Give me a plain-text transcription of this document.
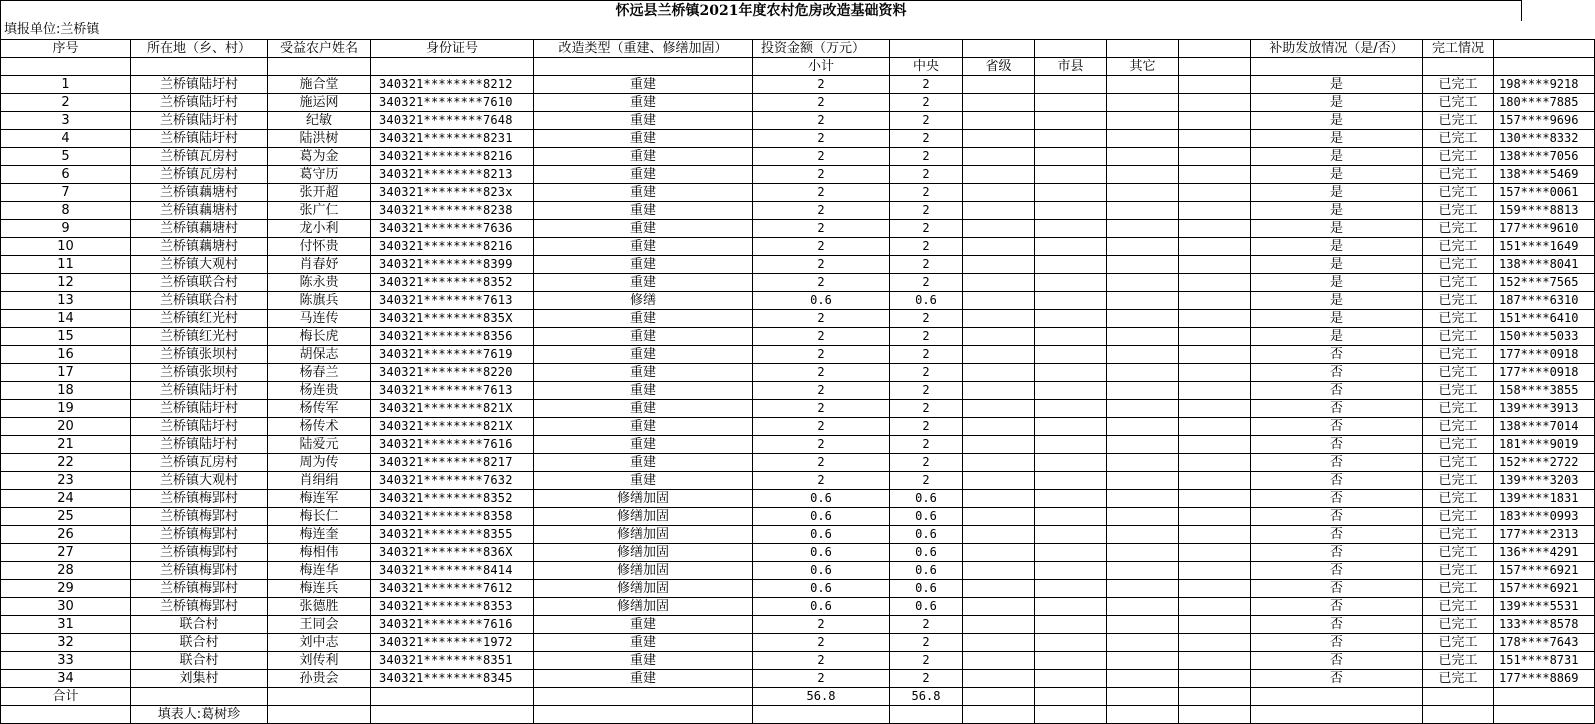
怀远县兰桥镇2021年度农村危房改造基础资料
填报单位:兰桥镇
序号	所在地（乡、村）	受益农户姓名	身份证号	改造类型（重建、修缮加固）	投资金额（万元）						补助发放情况（是/否）	完工情况	
					小计	中央	省级	市县	其它				
1	兰桥镇陆圩村	施合堂	340321********8212	重建	2	2					是	已完工	198****9218
2	兰桥镇陆圩村	施运网	340321********7610	重建	2	2					是	已完工	180****7885
3	兰桥镇陆圩村	纪敏	340321********7648	重建	2	2					是	已完工	157****9696
4	兰桥镇陆圩村	陆洪树	340321********8231	重建	2	2					是	已完工	130****8332
5	兰桥镇瓦房村	葛为金	340321********8216	重建	2	2					是	已完工	138****7056
6	兰桥镇瓦房村	葛守历	340321********8213	重建	2	2					是	已完工	138****5469
7	兰桥镇藕塘村	张开超	340321********823x	重建	2	2					是	已完工	157****0061
8	兰桥镇藕塘村	张广仁	340321********8238	重建	2	2					是	已完工	159****8813
9	兰桥镇藕塘村	龙小利	340321********7636	重建	2	2					是	已完工	177****9610
10	兰桥镇藕塘村	付怀贵	340321********8216	重建	2	2					是	已完工	151****1649
11	兰桥镇大观村	肖春妤	340321********8399	重建	2	2					是	已完工	138****8041
12	兰桥镇联合村	陈永贵	340321********8352	重建	2	2					是	已完工	152****7565
13	兰桥镇联合村	陈旗兵	340321********7613	修缮	0.6	0.6					是	已完工	187****6310
14	兰桥镇红光村	马连传	340321********835X	重建	2	2					是	已完工	151****6410
15	兰桥镇红光村	梅长虎	340321********8356	重建	2	2					是	已完工	150****5033
16	兰桥镇张坝村	胡保志	340321********7619	重建	2	2					否	已完工	177****0918
17	兰桥镇张坝村	杨春兰	340321********8220	重建	2	2					否	已完工	177****0918
18	兰桥镇陆圩村	杨连贵	340321********7613	重建	2	2					否	已完工	158****3855
19	兰桥镇陆圩村	杨传军	340321********821X	重建	2	2					否	已完工	139****3913
20	兰桥镇陆圩村	杨传术	340321********821X	重建	2	2					否	已完工	138****7014
21	兰桥镇陆圩村	陆爱元	340321********7616	重建	2	2					否	已完工	181****9019
22	兰桥镇瓦房村	周为传	340321********8217	重建	2	2					否	已完工	152****2722
23	兰桥镇大观村	肖绢绢	340321********7632	重建	2	2					否	已完工	139****3203
24	兰桥镇梅郢村	梅连军	340321********8352	修缮加固	0.6	0.6					否	已完工	139****1831
25	兰桥镇梅郢村	梅长仁	340321********8358	修缮加固	0.6	0.6					否	已完工	183****0993
26	兰桥镇梅郢村	梅连奎	340321********8355	修缮加固	0.6	0.6					否	已完工	177****2313
27	兰桥镇梅郢村	梅相伟	340321********836X	修缮加固	0.6	0.6					否	已完工	136****4291
28	兰桥镇梅郢村	梅连华	340321********8414	修缮加固	0.6	0.6					否	已完工	157****6921
29	兰桥镇梅郢村	梅连兵	340321********7612	修缮加固	0.6	0.6					否	已完工	157****6921
30	兰桥镇梅郢村	张德胜	340321********8353	修缮加固	0.6	0.6					否	已完工	139****5531
31	联合村	王同会	340321********7616	重建	2	2					否	已完工	133****8578
32	联合村	刘中志	340321********1972	重建	2	2					否	已完工	178****7643
33	联合村	刘传利	340321********8351	重建	2	2					否	已完工	151****8731
34	刘集村	孙贵会	340321********8345	重建	2	2					否	已完工	177****8869
合计					56.8	56.8							
	填表人:葛树珍												
